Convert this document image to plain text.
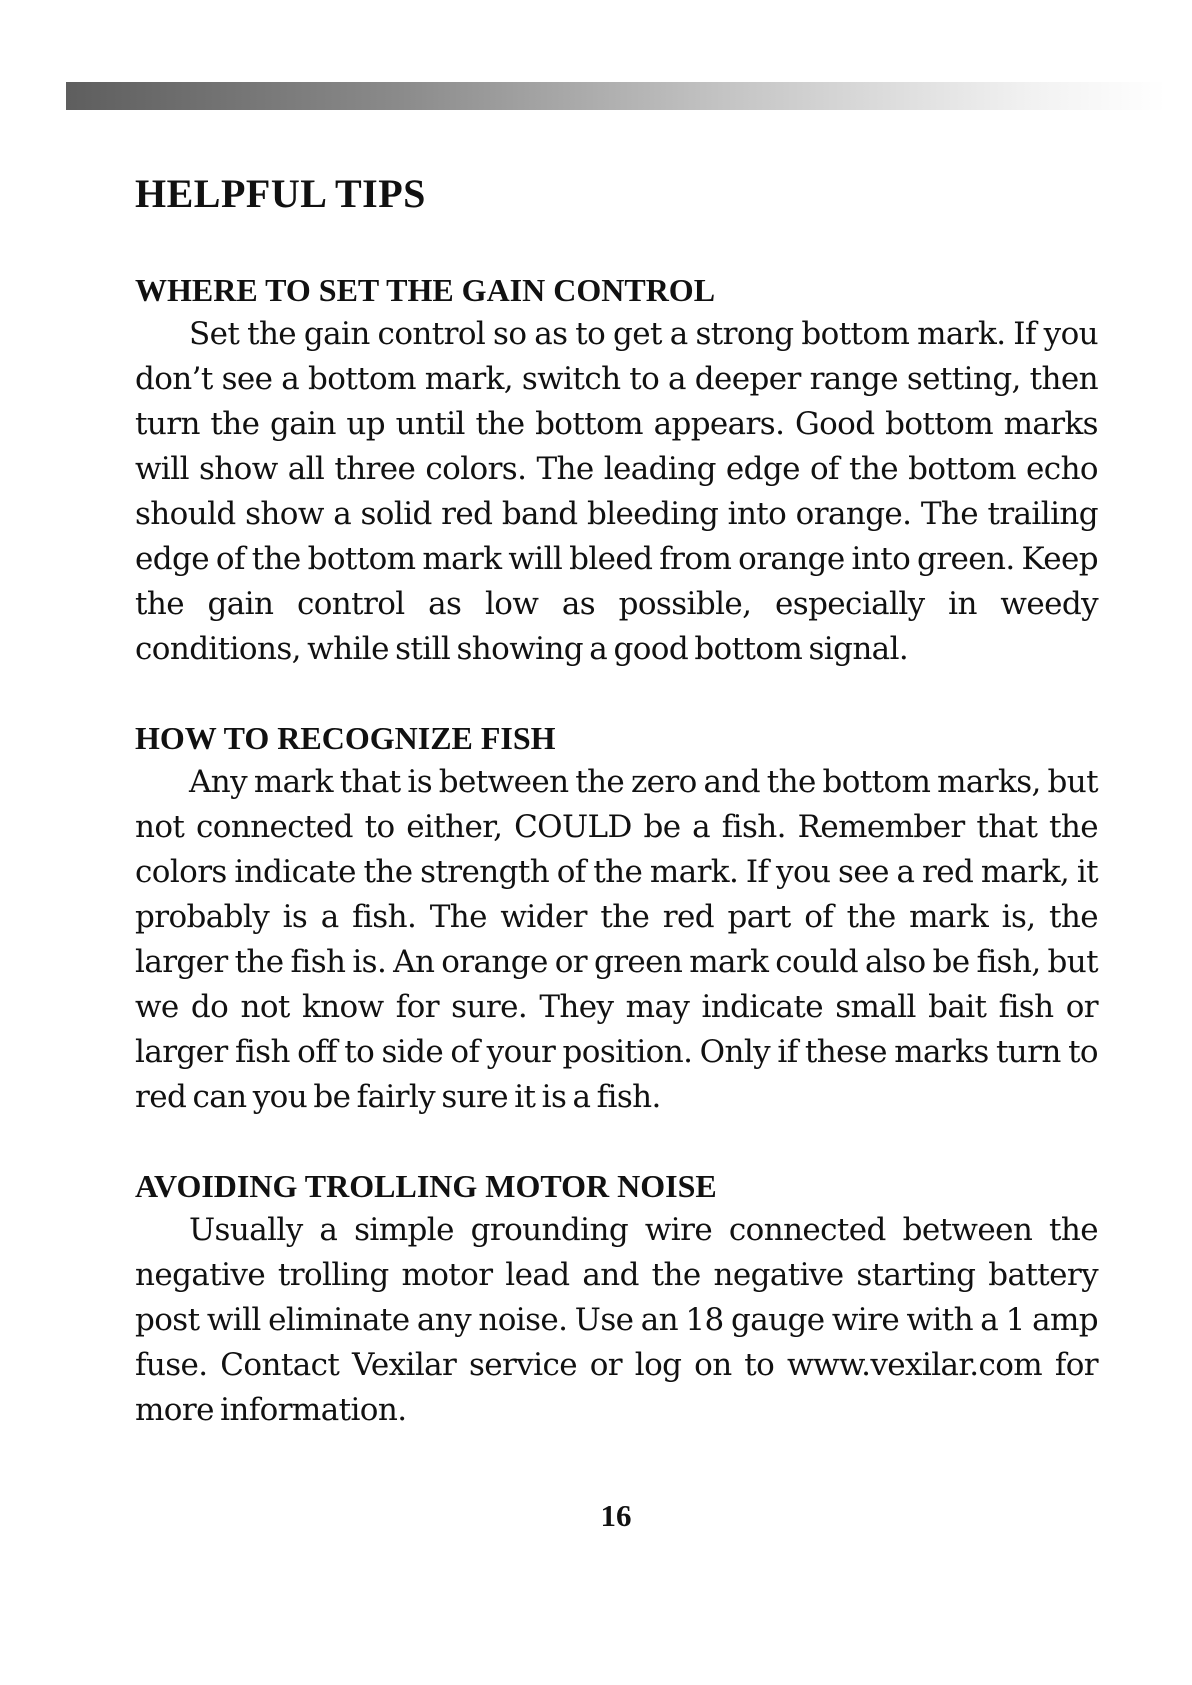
HELPFUL TIPS
WHERE TO SET THE GAIN CONTROL

Set the gain control so as to get a strong bottom mark. If you don’t see a bottom mark, switch to a deeper range setting, then turn the gain up until the bottom appears. Good bottom marks will show all three colors. The leading edge of the bottom echo should show a solid red band bleeding into orange. The trailing edge of the bottom mark will bleed from orange into green. Keep the gain control as low as possible, especially in weedy conditions, while still showing a good bottom signal.

HOW TO RECOGNIZE FISH

Any mark that is between the zero and the bottom marks, but not connected to either, COULD be a fish. Remember that the colors indicate the strength of the mark. If you see a red mark, it probably is a fish. The wider the red part of the mark is, the larger the fish is. An orange or green mark could also be fish, but we do not know for sure. They may indicate small bait fish or larger fish off to side of your position. Only if these marks turn to red can you be fairly sure it is a fish.

AVOIDING TROLLING MOTOR NOISE

Usually a simple grounding wire connected between the negative trolling motor lead and the negative starting battery post will eliminate any noise. Use an 18 gauge wire with a 1 amp fuse. Contact Vexilar service or log on to www.vexilar.com for more information.

16
